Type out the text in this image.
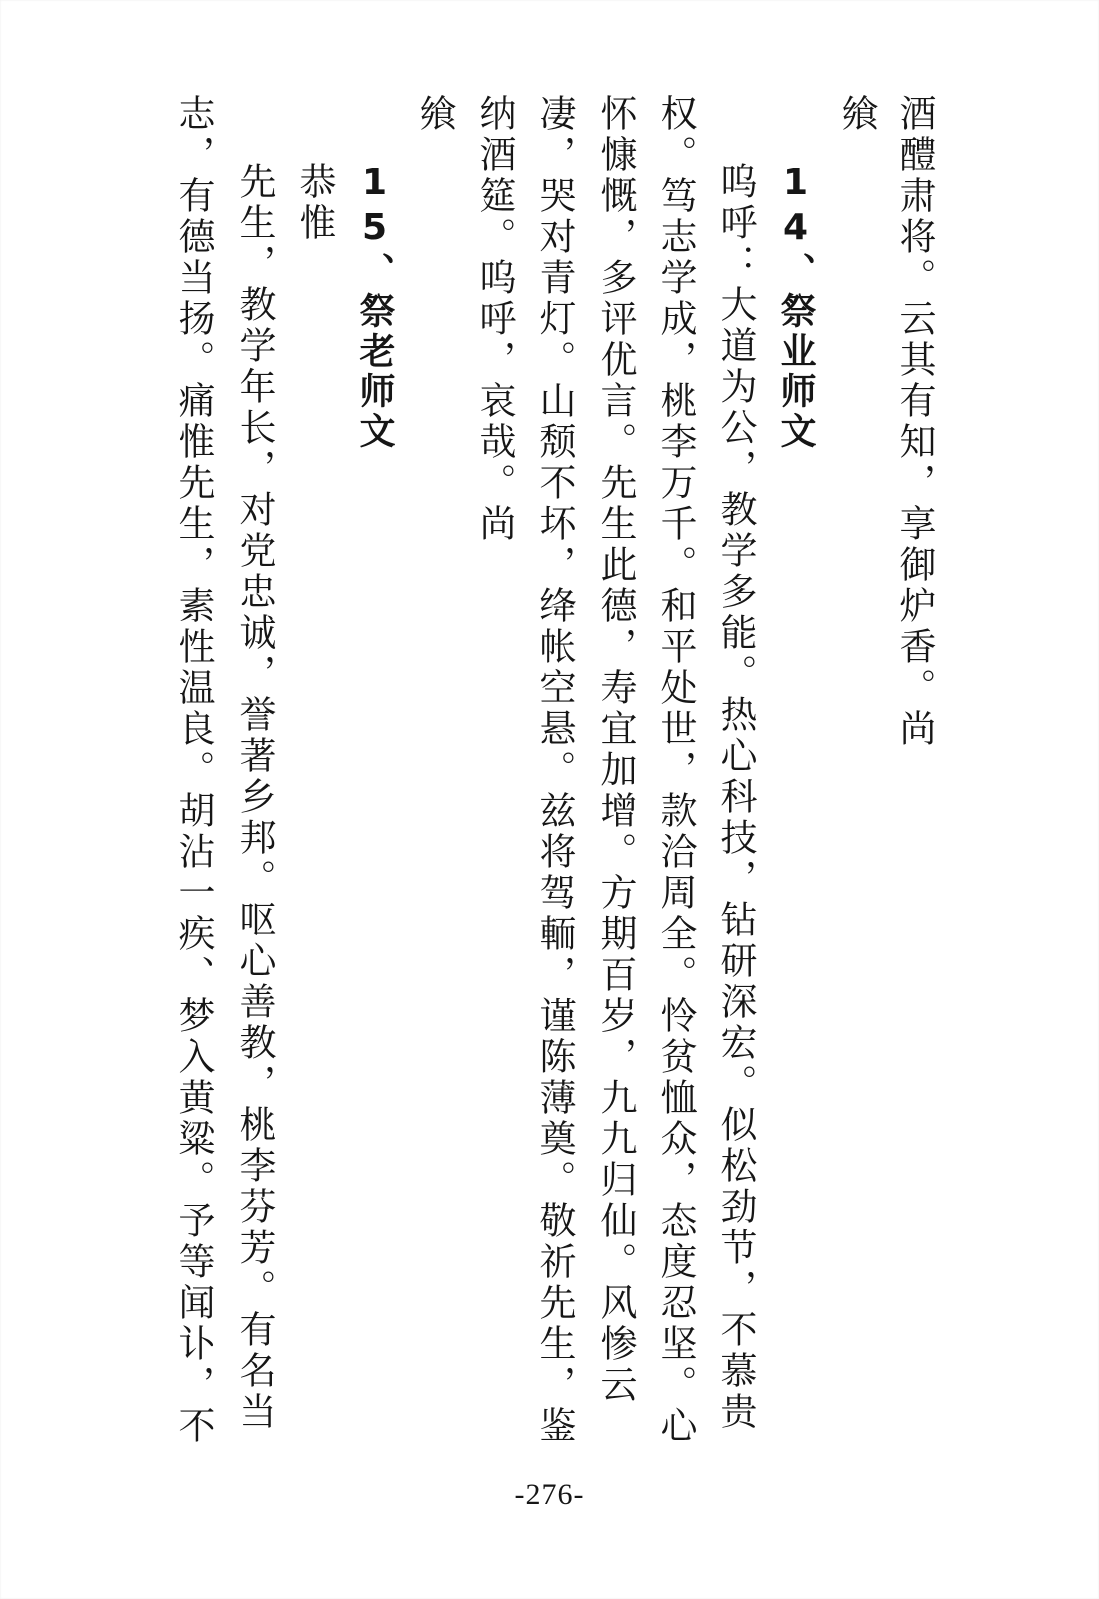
酒醴肃将。云其有知，享御炉香。尚
飨
14、祭业师文
呜呼：大道为公，教学多能。热心科技，钻研深宏。似松劲节，不慕贵
权。笃志学成，桃李万千。和平处世，款洽周全。怜贫恤众，态度忍坚。心
怀慷慨，多评优言。先生此德，寿宜加增。方期百岁，九九归仙。风惨云
凄，哭对青灯。山颓不坏，绛帐空悬。兹将驾輀，谨陈薄奠。敬祈先生，鉴
纳酒筵。呜呼，哀哉。尚
飨
15、祭老师文
恭惟
先生，教学年长，对党忠诚，誉著乡邦。呕心善教，桃李芬芳。有名当
志，有德当扬。痛惟先生，素性温良。胡沾一疾、梦入黄粱。予等闻讣，不
-276-
